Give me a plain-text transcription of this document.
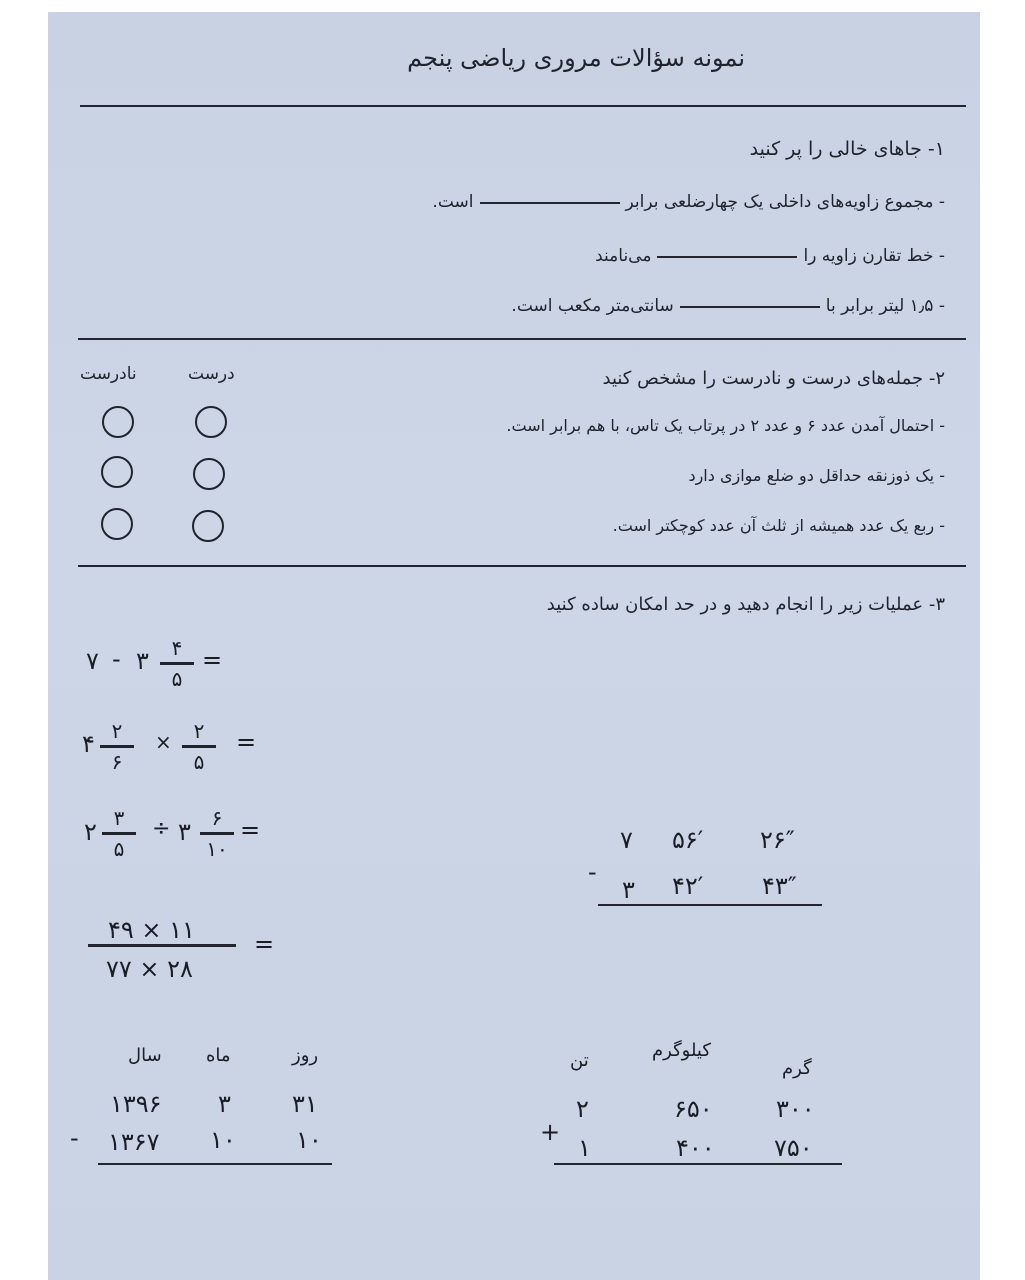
نمونه سؤالات مروری ریاضی پنجم
۱- جاهای خالی را پر کنید
- مجموع زاویه‌های داخلی یک چهارضلعی برابراست.
- خط تقارن زاویه رامی‌نامند
- ۱٫۵ لیتر برابر باسانتی‌متر مکعب است.
۲- جمله‌های درست و نادرست را مشخص کنید
درست
نادرست
- احتمال آمدن عدد ۶ و عدد ۲ در پرتاب یک تاس، با هم برابر است.
- یک ذوزنقه حداقل دو ضلع موازی دارد
- ربع یک عدد همیشه از ثلث آن عدد کوچکتر است.
۳- عملیات زیر را انجام دهید و در حد امکان ساده کنید
۷ - ۳ ۴
۵
=
۴ ۲
۶
× ۲
۵
=
۲ ۳
۵
÷ ۳ ۶
۱۰
=
۴۹ × ۱۱
۷۷ × ۲۸
=
۷ ۵۶′ ۲۶″
-
۳ ۴۲′ ۴۳″
سال ماه	روز
۱۳۹۶ ۳	۳۱
- ۱۳۶۷ ۱۰	۱۰
تن	کیلوگرم
گرم
۲	۶۵۰	۳۰۰
+
۱	۴۰۰ ۷۵۰
